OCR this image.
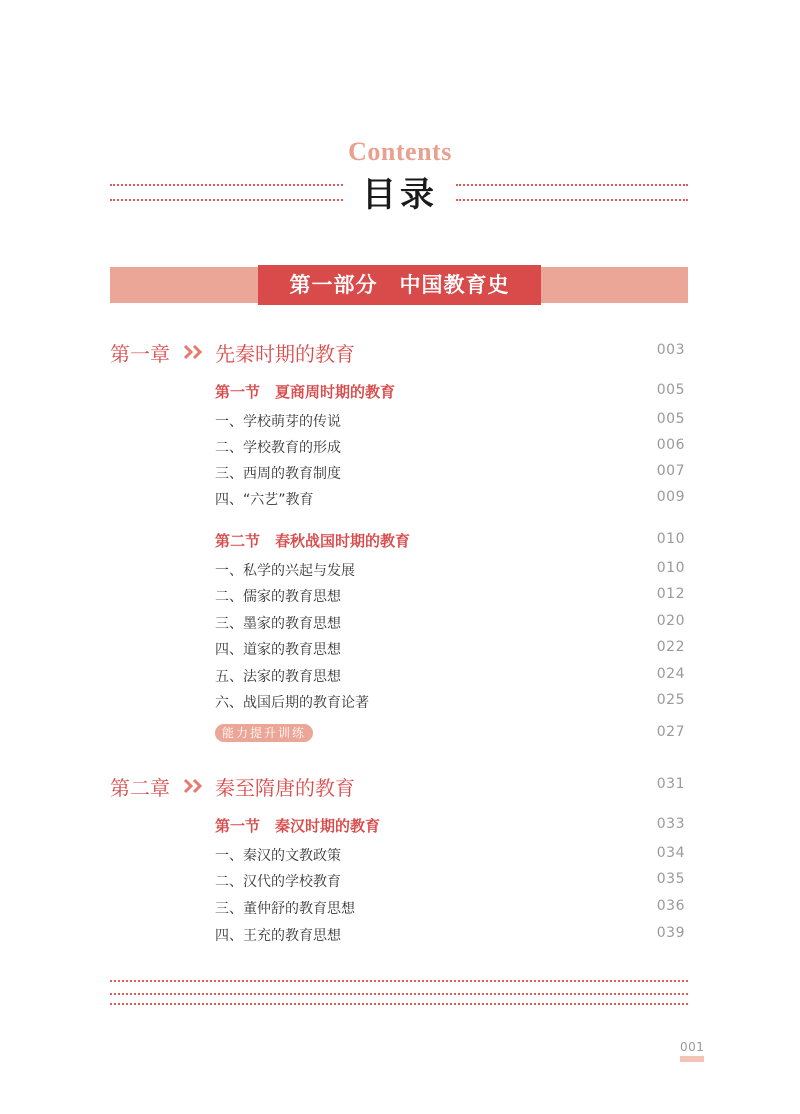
Contents
目录
第一部分　中国教育史
第一章 先秦时期的教育	003
第一节　 夏商周时期的教育	005
一、学校萌芽的传说	005
二、学校教育的形成	006
三、西周的教育制度	007
四、“六艺”教育	009
第二节　 春秋战国时期的教育	010
一、私学的兴起与发展	010
二、儒家的教育思想	012
三、墨家的教育思想	020
四、道家的教育思想	022
五、法家的教育思想	024
六、战国后期的教育论著	025
能力提升训练	027
第二章 秦至隋唐的教育	031
第一节　 秦汉时期的教育	033
一、秦汉的文教政策	034
二、汉代的学校教育	035
三、董仲舒的教育思想	036
四、王充的教育思想	039
001
